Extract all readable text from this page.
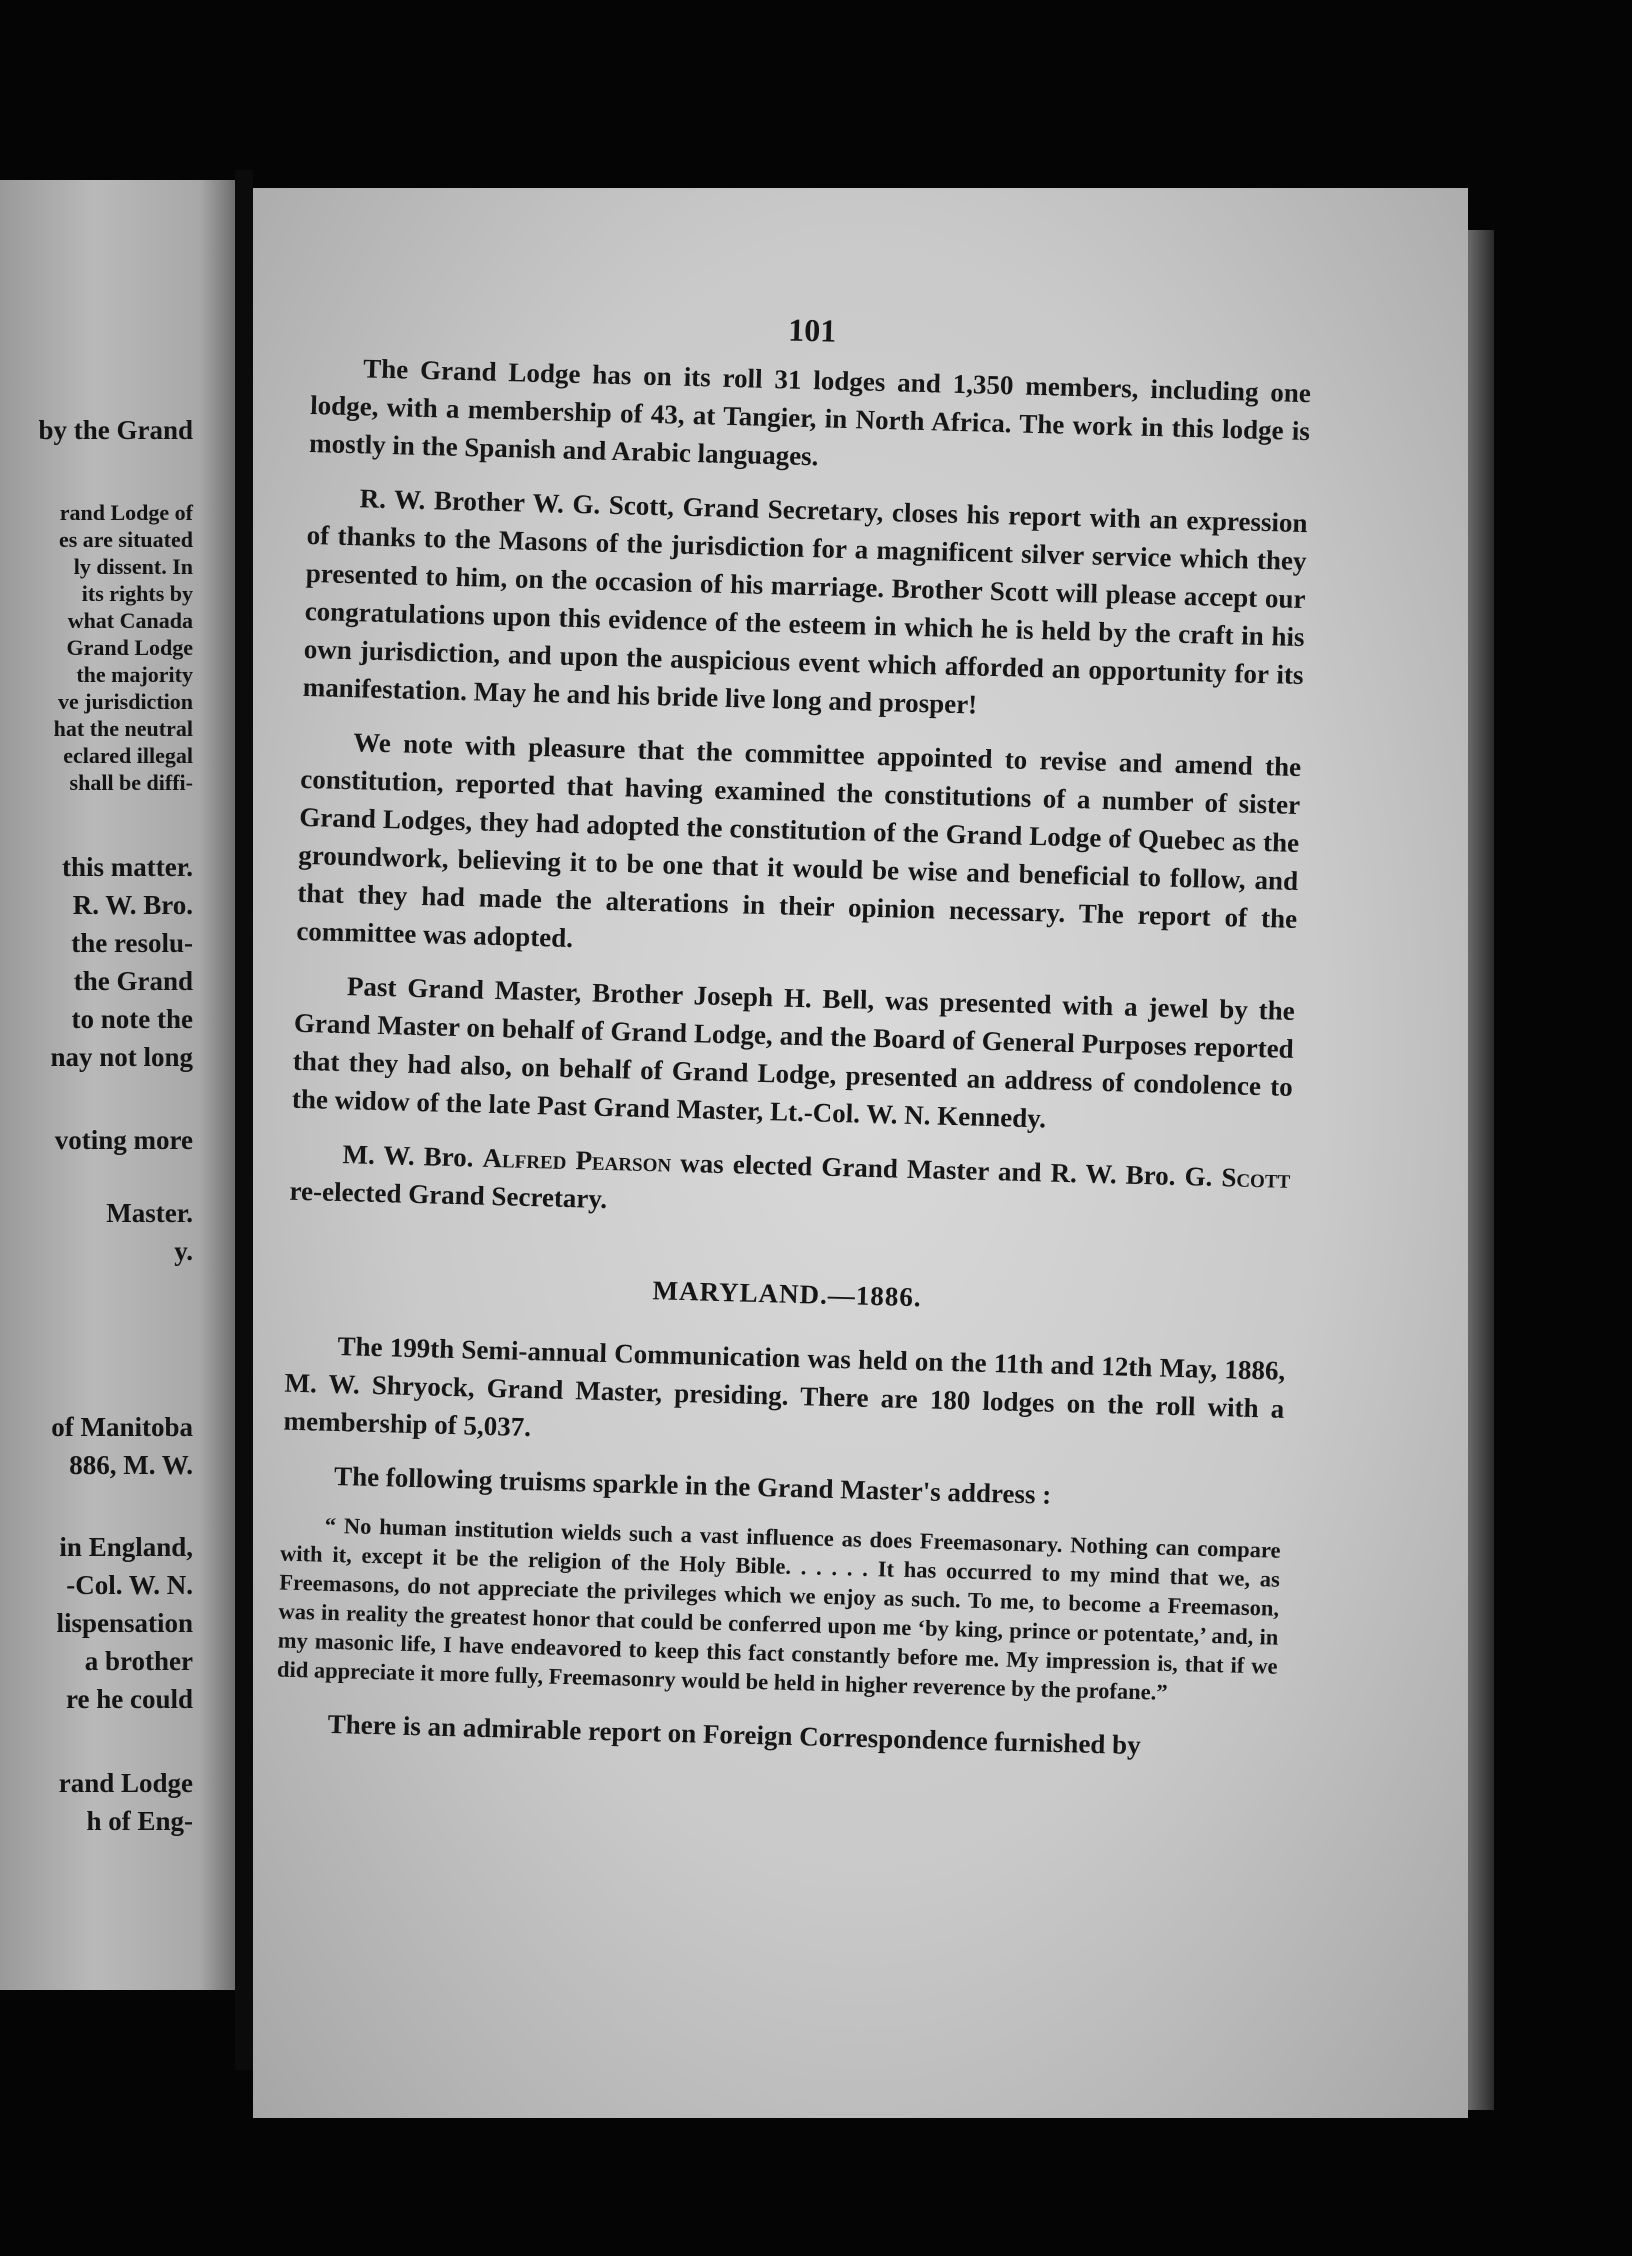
by the Grand

rand Lodge of

es are situated

ly dissent. In

its rights by

what Canada

Grand Lodge

the majority

ve jurisdiction

hat the neutral

eclared illegal

shall be diffi-

this matter.

R. W. Bro.

the resolu-

the Grand

to note the

nay not long

voting more

Master.

y.

of Manitoba

886, M. W.

in England,

-Col. W. N.

lispensation

a brother

re he could

rand Lodge

h of Eng-

101

The Grand Lodge has on its roll 31 lodges and 1,350 members, including one lodge, with a membership of 43, at Tangier, in North Africa. The work in this lodge is mostly in the Spanish and Arabic languages.

R. W. Brother W. G. Scott, Grand Secretary, closes his report with an expression of thanks to the Masons of the jurisdiction for a magnificent silver service which they presented to him, on the occasion of his marriage. Brother Scott will please accept our congratulations upon this evidence of the esteem in which he is held by the craft in his own jurisdiction, and upon the auspicious event which afforded an opportunity for its manifestation. May he and his bride live long and prosper!

We note with pleasure that the committee appointed to revise and amend the constitution, reported that having examined the constitutions of a number of sister Grand Lodges, they had adopted the constitution of the Grand Lodge of Quebec as the groundwork, believing it to be one that it would be wise and beneficial to follow, and that they had made the alterations in their opinion necessary. The report of the committee was adopted.

Past Grand Master, Brother Joseph H. Bell, was presented with a jewel by the Grand Master on behalf of Grand Lodge, and the Board of General Purposes reported that they had also, on behalf of Grand Lodge, presented an address of condolence to the widow of the late Past Grand Master, Lt.-Col. W. N. Kennedy.

M. W. Bro. Alfred Pearson was elected Grand Master and R. W. Bro. G. Scott re-elected Grand Secretary.

MARYLAND.—1886.

The 199th Semi-annual Communication was held on the 11th and 12th May, 1886, M. W. Shryock, Grand Master, presiding. There are 180 lodges on the roll with a membership of 5,037.

The following truisms sparkle in the Grand Master's address :

“ No human institution wields such a vast influence as does Freemasonary. Nothing can compare with it, except it be the religion of the Holy Bible. . . . . . It has occurred to my mind that we, as Freemasons, do not appreciate the privileges which we enjoy as such. To me, to become a Freemason, was in reality the greatest honor that could be conferred upon me ‘by king, prince or potentate,’ and, in my masonic life, I have endeavored to keep this fact constantly before me. My impression is, that if we did appreciate it more fully, Freemasonry would be held in higher reverence by the profane.”

There is an admirable report on Foreign Correspondence furnished by
